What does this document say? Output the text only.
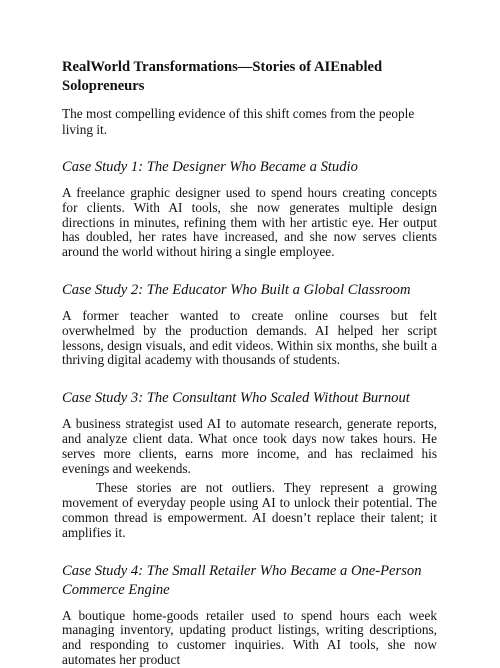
RealWorld Transformations—Stories of AIEnabled Solopreneurs
The most compelling evidence of this shift comes from the people living it.
Case Study 1: The Designer Who Became a Studio
A freelance graphic designer used to spend hours creating concepts for clients. With AI tools, she now generates multiple design directions in minutes, refining them with her artistic eye. Her output has doubled, her rates have increased, and she now serves clients around the world without hiring a single employee.
Case Study 2: The Educator Who Built a Global Classroom
A former teacher wanted to create online courses but felt overwhelmed by the production demands. AI helped her script lessons, design visuals, and edit videos. Within six months, she built a thriving digital academy with thousands of students.
Case Study 3: The Consultant Who Scaled Without Burnout
A business strategist used AI to automate research, generate reports, and analyze client data. What once took days now takes hours. He serves more clients, earns more income, and has reclaimed his evenings and weekends.
These stories are not outliers. They represent a growing movement of everyday people using AI to unlock their potential. The common thread is empowerment. AI doesn’t replace their talent; it amplifies it.
Case Study 4: The Small Retailer Who Became a One-Person Commerce Engine
A boutique home-goods retailer used to spend hours each week managing inventory, updating product listings, writing descriptions, and responding to customer inquiries. With AI tools, she now automates her product
